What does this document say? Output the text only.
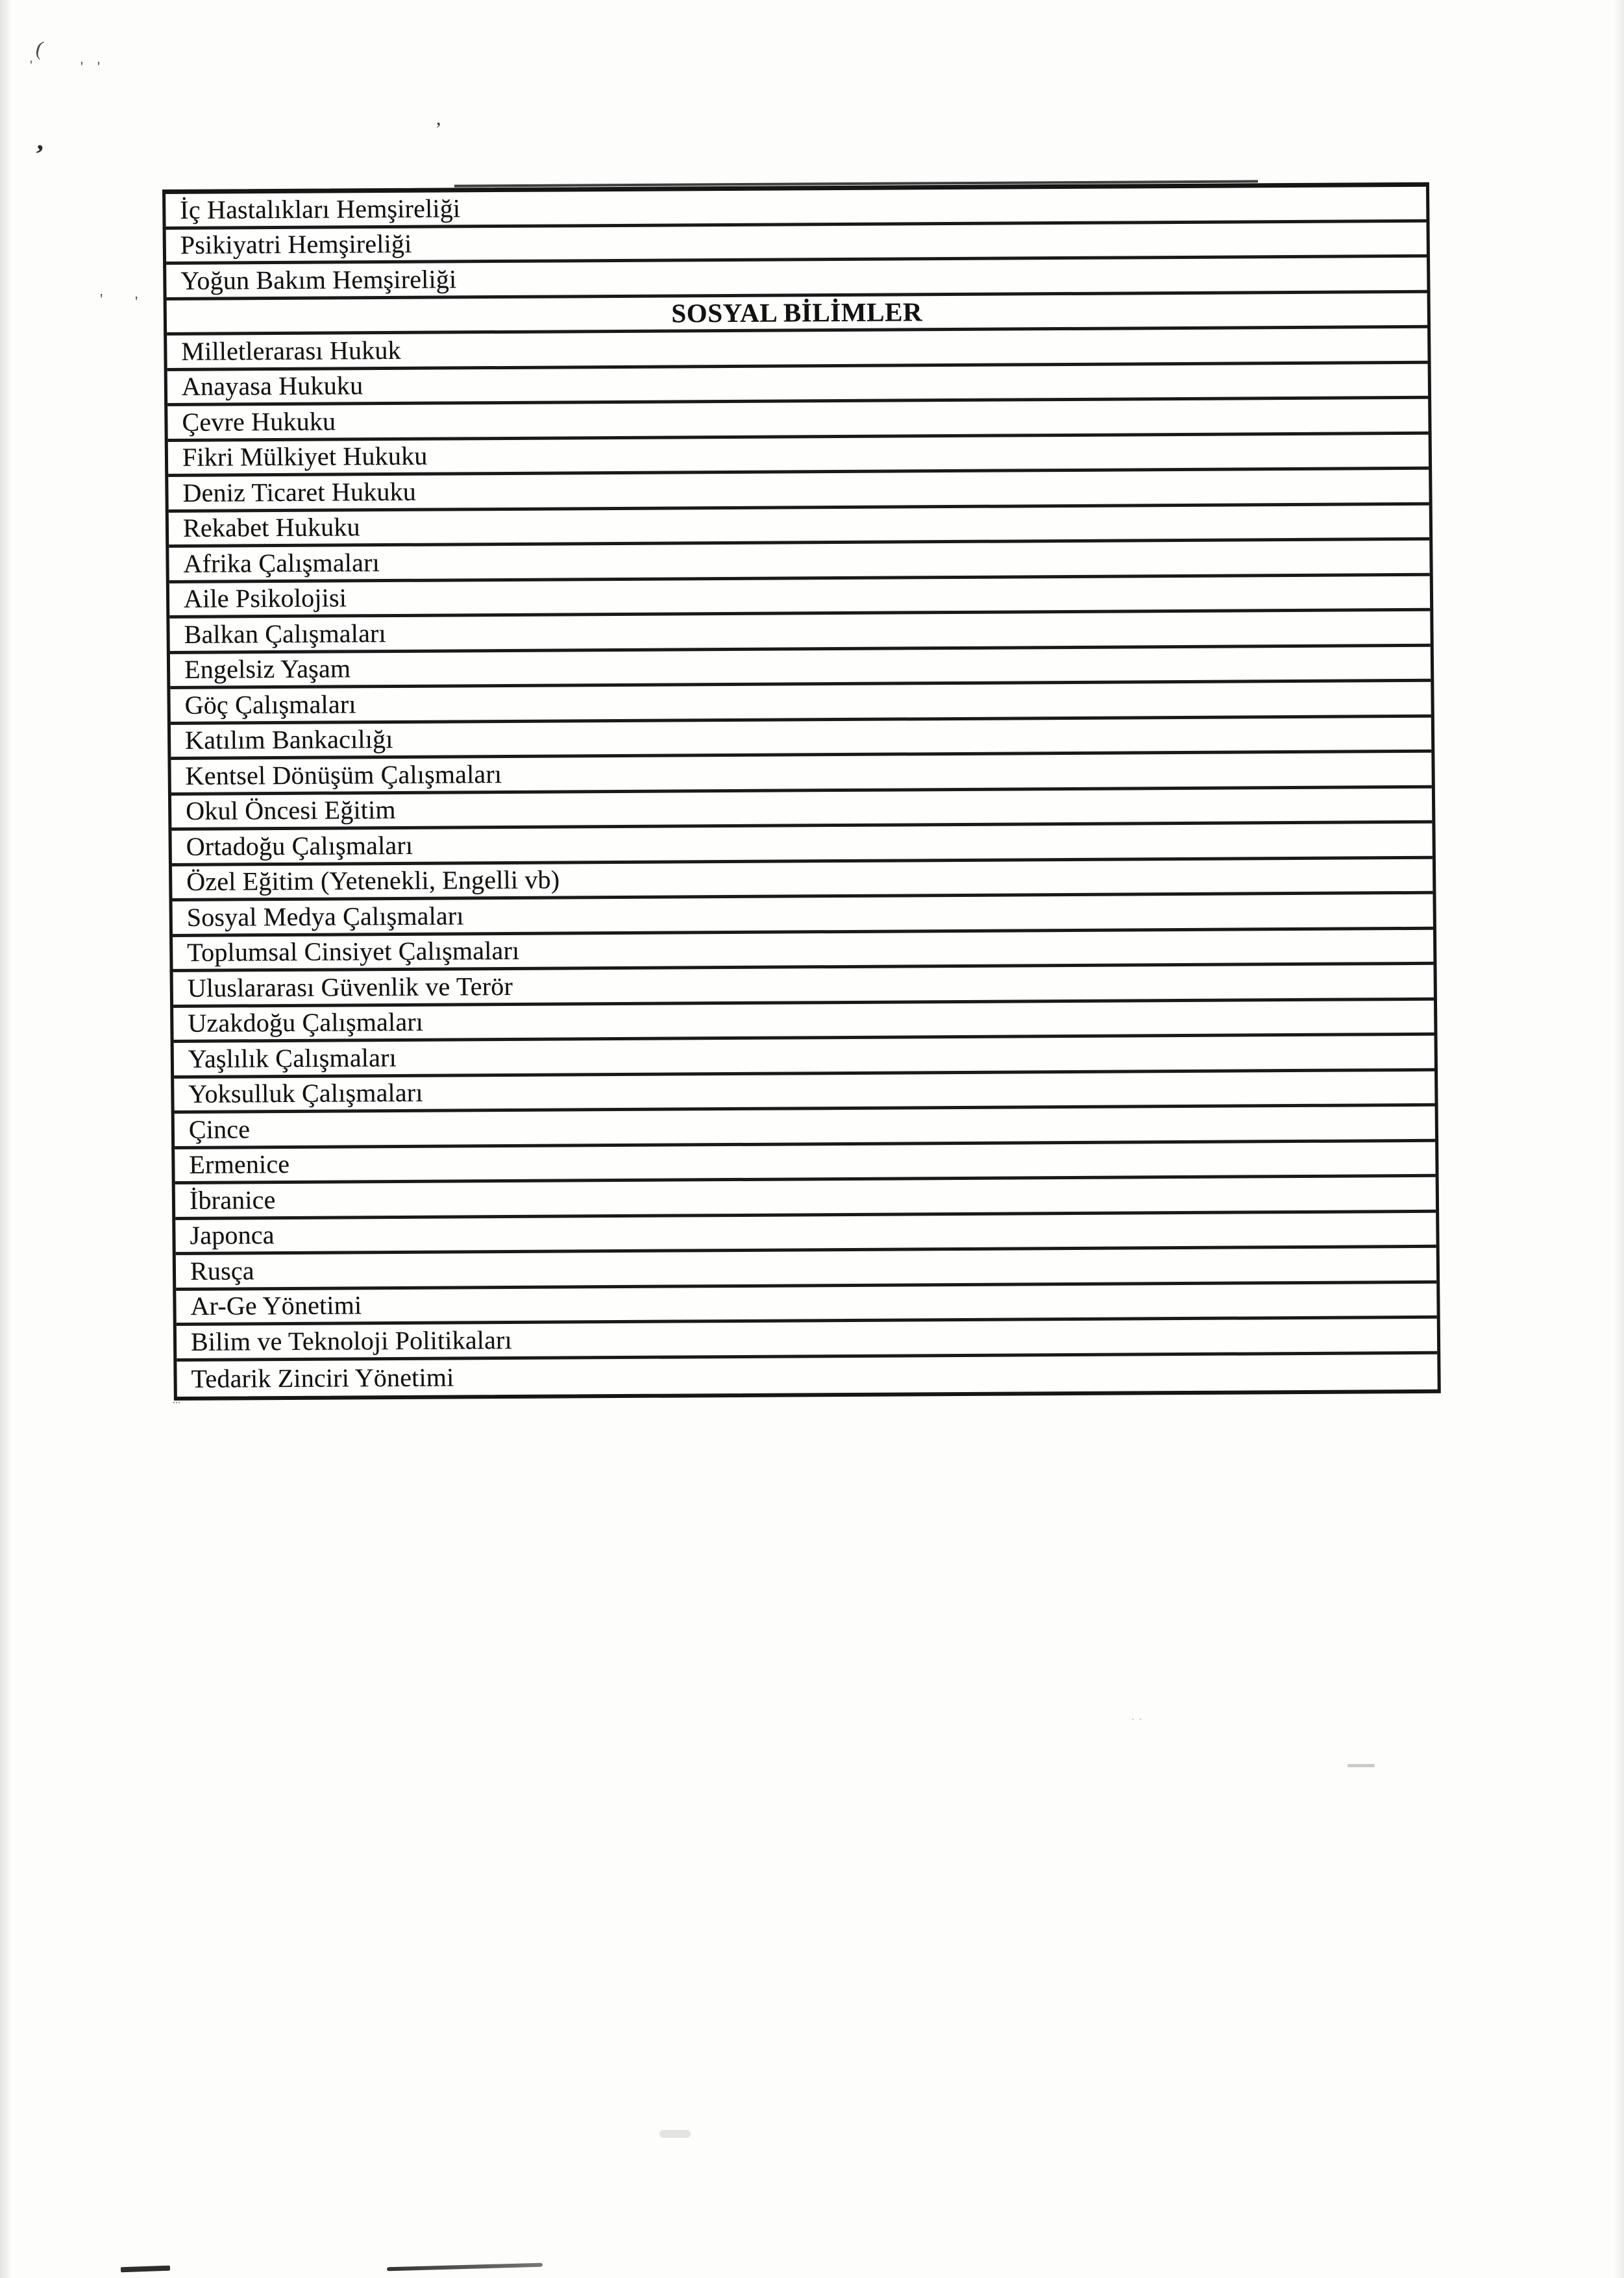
İç Hastalıkları Hemşireliği
Psikiyatri Hemşireliği
Yoğun Bakım Hemşireliği
SOSYAL BİLİMLER
Milletlerarası Hukuk
Anayasa Hukuku
Çevre Hukuku
Fikri Mülkiyet Hukuku
Deniz Ticaret Hukuku
Rekabet Hukuku
Afrika Çalışmaları
Aile Psikolojisi
Balkan Çalışmaları
Engelsiz Yaşam
Göç Çalışmaları
Katılım Bankacılığı
Kentsel Dönüşüm Çalışmaları
Okul Öncesi Eğitim
Ortadoğu Çalışmaları
Özel Eğitim (Yetenekli, Engelli vb)
Sosyal Medya Çalışmaları
Toplumsal Cinsiyet Çalışmaları
Uluslararası Güvenlik ve Terör
Uzakdoğu Çalışmaları
Yaşlılık Çalışmaları
Yoksulluk Çalışmaları
Çince
Ermenice
İbranice
Japonca
Rusça
Ar-Ge Yönetimi
Bilim ve Teknoloji Politikaları
Tedarik Zinciri Yönetimi
(
'	' '
,
,
' '
...
· ·
